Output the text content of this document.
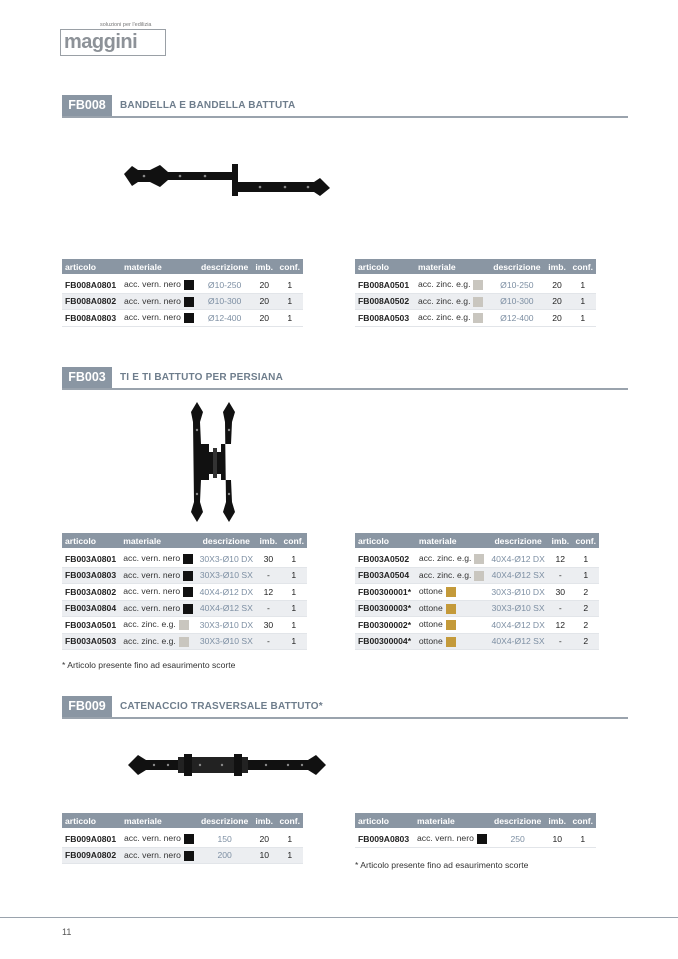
soluzioni per l'edilizia
maggini
FB008	BANDELLA E BANDELLA BATTUTA
articolo	materiale	descrizione	imb.	conf.

FB008A0801	acc. vern. nero	Ø10-250	20	1
FB008A0802	acc. vern. nero	Ø10-300	20	1
FB008A0803	acc. vern. nero	Ø12-400	20	1
articolo	materiale	descrizione	imb.	conf.

FB008A0501	acc. zinc. e.g.	Ø10-250	20	1
FB008A0502	acc. zinc. e.g.	Ø10-300	20	1
FB008A0503	acc. zinc. e.g.	Ø12-400	20	1
FB003	TI E TI BATTUTO PER PERSIANA
articolo	materiale	descrizione	imb.	conf.

FB003A0801	acc. vern. nero	30X3-Ø10 DX	30	1
FB003A0803	acc. vern. nero	30X3-Ø10 SX	-	1
FB003A0802	acc. vern. nero	40X4-Ø12 DX	12	1
FB003A0804	acc. vern. nero	40X4-Ø12 SX	-	1
FB003A0501	acc. zinc. e.g.	30X3-Ø10 DX	30	1
FB003A0503	acc. zinc. e.g.	30X3-Ø10 SX	-	1
articolo	materiale	descrizione	imb.	conf.

FB003A0502	acc. zinc. e.g.	40X4-Ø12 DX	12	1
FB003A0504	acc. zinc. e.g.	40X4-Ø12 SX	-	1
FB00300001*	ottone	30X3-Ø10 DX	30	2
FB00300003*	ottone	30X3-Ø10 SX	-	2
FB00300002*	ottone	40X4-Ø12 DX	12	2
FB00300004*	ottone	40X4-Ø12 SX	-	2
* Articolo presente fino ad esaurimento scorte
FB009	CATENACCIO TRASVERSALE BATTUTO*
articolo	materiale	descrizione	imb.	conf.

FB009A0801	acc. vern. nero	150	20	1
FB009A0802	acc. vern. nero	200	10	1
articolo	materiale	descrizione	imb.	conf.

FB009A0803	acc. vern. nero	250	10	1
* Articolo presente fino ad esaurimento scorte
11
